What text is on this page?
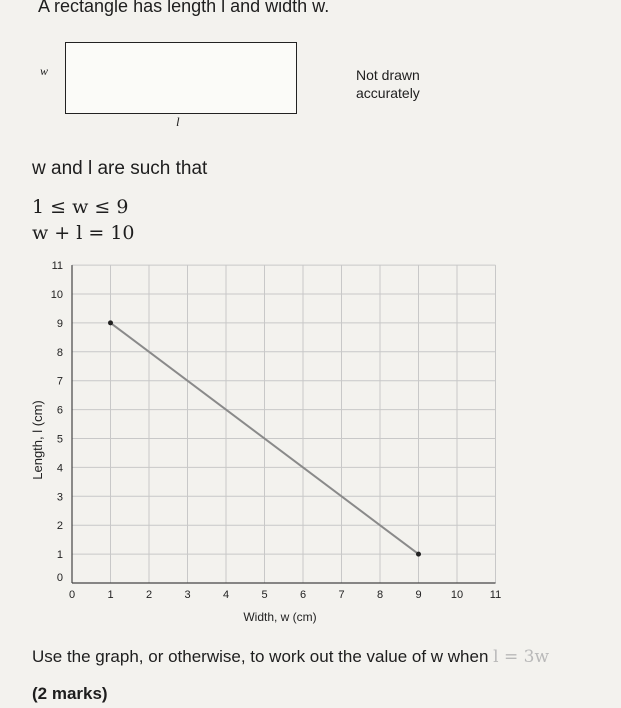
A rectangle has length l and width w.
w
l
Not drawn accurately
w and l are such that
1 ≤ w ≤ 9
w + l = 10
0	1	2	3	4	5	6	7	8	9	10 11
1
2
3
4
5
6
7
8
9
10
11
0
Width, w (cm)
Length, l (cm)
Use the graph, or otherwise, to work out the value of w when l = 3w
(2 marks)
